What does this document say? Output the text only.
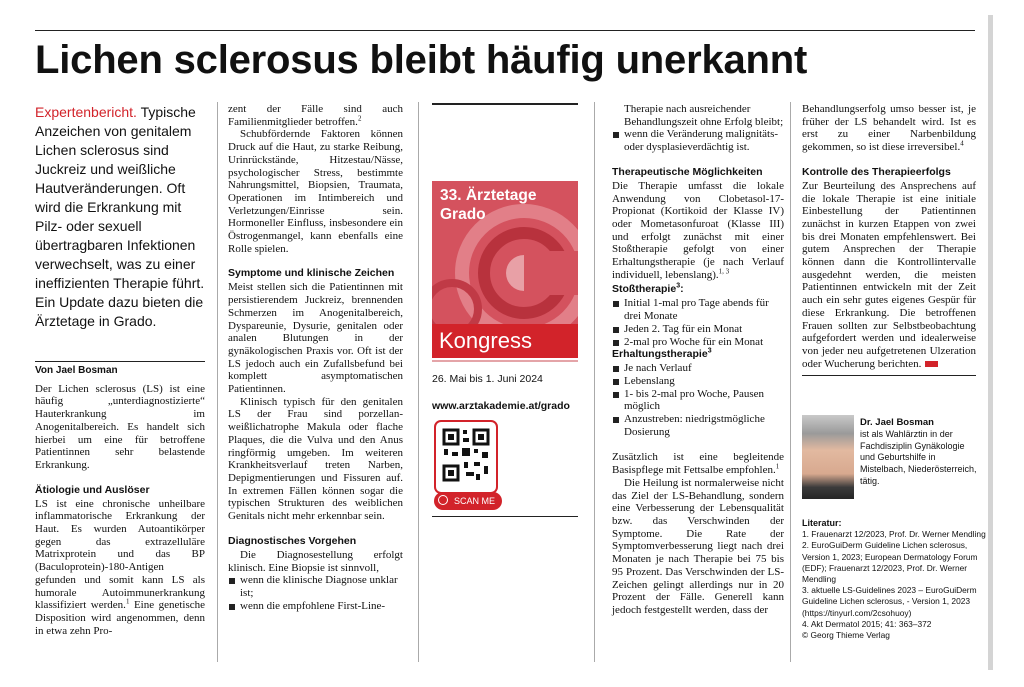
Lichen sclerosus bleibt häufig unerkannt

Expertenbericht. Typische Anzeichen von genitalem Lichen sclerosus sind Juckreiz und weißliche Hautveränderungen. Oft wird die Erkrankung mit Pilz- oder sexuell übertragbaren Infektionen verwechselt, was zu einer ineffizienten Therapie führt. Ein Update dazu bieten die Ärztetage in Grado.

Von Jael Bosman

Der Lichen sclerosus (LS) ist eine häufig „unterdiagnostizierte“ Hauterkrankung im Anogenitalbereich. Es handelt sich hierbei um eine für betroffene Patientinnen sehr belastende Erkrankung.

Ätiologie und Auslöser

LS ist eine chronische unheilbare inflammatorische Erkrankung der Haut. Es wurden Autoantikörper gegen das extrazelluläre Matrixprotein und das BP (Baculoprotein)-180-Antigen gefunden und somit kann LS als humorale Autoimmunerkrankung klassifiziert werden.$^1$ Eine genetische Disposition wird angenommen, denn in etwa zehn Pro-

zent der Fälle sind auch Familienmitglieder betroffen.$^2$

Schubfördernde Faktoren können Druck auf die Haut, zu starke Reibung, Urinrückstände, Hitzestau/Nässe, psychologischer Stress, bestimmte Nahrungsmittel, Biopsien, Traumata, Operationen im Intimbereich und Verletzungen/Einrisse sein. Hormoneller Einfluss, insbesondere ein Östrogenmangel, kann ebenfalls eine Rolle spielen.

Symptome und klinische Zeichen

Meist stellen sich die Patientinnen mit persistierendem Juckreiz, brennenden Schmerzen im Anogenitalbereich, Dyspareunie, Dysurie, genitalen oder analen Blutungen in der gynäkologischen Praxis vor. Oft ist der LS jedoch auch ein Zufallsbefund bei komplett asymptomatischen Patientinnen.

Klinisch typisch für den genitalen LS der Frau sind porzellan-weißlichatrophe Makula oder flache Plaques, die die Vulva und den Anus ringförmig umgeben. Im weiteren Krankheitsverlauf treten Narben, Depigmentierungen und Fissuren auf. In extremen Fällen können sogar die typischen Strukturen des weiblichen Genitals nicht mehr erkennbar sein.

Diagnostisches Vorgehen

Die Diagnosestellung erfolgt klinisch. Eine Biopsie ist sinnvoll,

wenn die klinische Diagnose unklar ist;

wenn die empfohlene First-Line-

33. Ärztetage
Grado
Kongress
26. Mai bis 1. Juni 2024
www.arztakademie.at/grado
SCAN ME

Therapie nach ausreichender Behandlungszeit ohne Erfolg bleibt;

wenn die Veränderung malignitäts- oder dysplasieverdächtig ist.

Therapeutische Möglichkeiten

Die Therapie umfasst die lokale Anwendung von Clobetasol-17-Propionat (Kortikoid der Klasse IV) oder Mometasonfuroat (Klasse III) und erfolgt zunächst mit einer Stoßtherapie gefolgt von einer Erhaltungstherapie (je nach Verlauf individuell, lebenslang).$^{1, 3}$

Stoßtherapie$^3$:

Initial 1-mal pro Tage abends für drei Monate

Jeden 2. Tag für ein Monat

2-mal pro Woche für ein Monat

Erhaltungstherapie$^3$

Je nach Verlauf

Lebenslang

1- bis 2-mal pro Woche, Pausen möglich

Anzustreben: niedrigstmögliche Dosierung

Zusätzlich ist eine begleitende Basispflege mit Fettsalbe empfohlen.$^1$

Die Heilung ist normalerweise nicht das Ziel der LS-Behandlung, sondern eine Verbesserung der Lebensqualität bzw. das Verschwinden der Symptome. Die Rate der Symptomverbesserung liegt nach drei Monaten je nach Therapie bei 75 bis 95 Prozent. Das Verschwinden der LS-Zeichen gelingt allerdings nur in 20 Prozent der Fälle. Generell kann jedoch festgestellt werden, dass der

Behandlungserfolg umso besser ist, je früher der LS behandelt wird. Ist es erst zu einer Narbenbildung gekommen, so ist diese irreversibel.$^4$

Kontrolle des Therapieerfolgs

Zur Beurteilung des Ansprechens auf die lokale Therapie ist eine initiale Einbestellung der Patientinnen zunächst in kurzen Etappen von zwei bis drei Monaten empfehlenswert. Bei gutem Ansprechen der Therapie können dann die Kontrollintervalle ausgedehnt werden, die meisten Patientinnen entwickeln mit der Zeit auch ein sehr gutes eigenes Gespür für diese Erkrankung. Die betroffenen Frauen sollten zur Selbstbeobachtung aufgefordert werden und idealerweise von jeder neu aufgetretenen Ulzeration oder Wucherung berichten.

Dr. Jael Bosman
ist als Wahlärztin in der Fachdisziplin Gynäkologie und Geburtshilfe in Mistelbach, Niederösterreich, tätig.
Literatur:
1. Frauenarzt 12/2023, Prof. Dr. Werner Mendling
2. EuroGuiDerm Guideline Lichen sclerosus, Version 1, 2023; European Dermatology Forum (EDF); Frauenarzt 12/2023, Prof. Dr. Werner Mendling
3. aktuelle LS-Guidelines 2023 – EuroGuiDerm Guideline Lichen sclerosus, - Version 1, 2023 (https://tinyurl.com/2csohuoy)
4. Akt Dermatol 2015; 41: 363–372
© Georg Thieme Verlag
